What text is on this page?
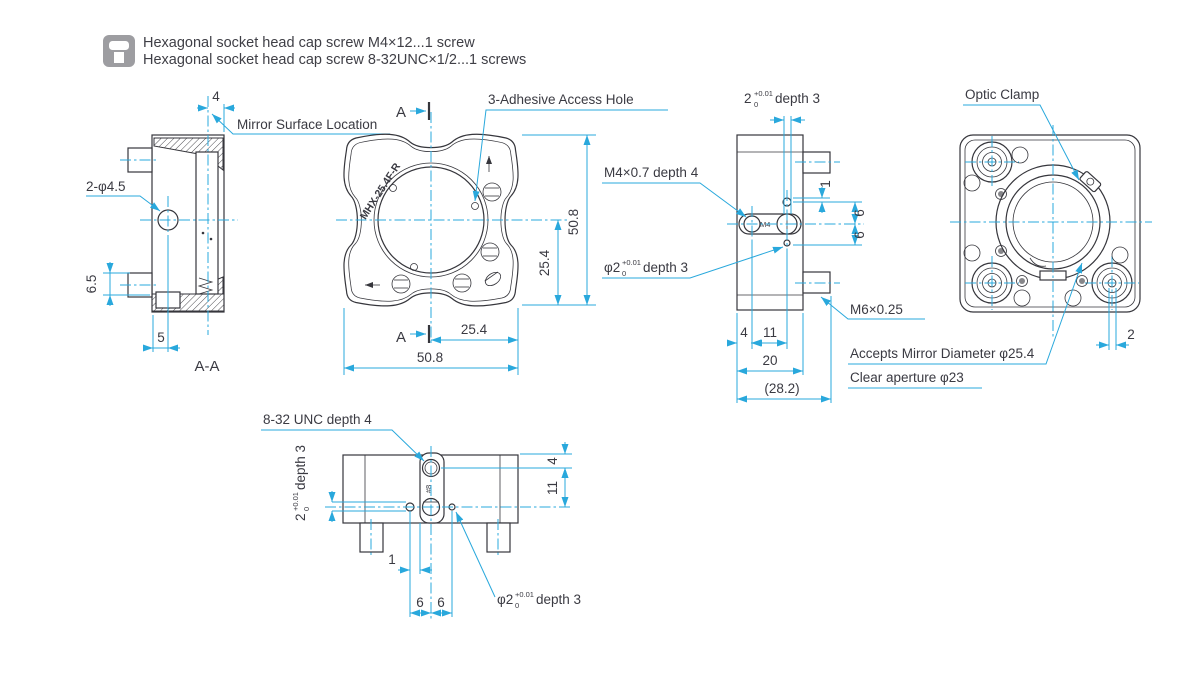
Hexagonal socket head cap screw M4×12...1 screw
Hexagonal socket head cap screw 8-32UNC×1/2...1 screws
4
Mirror Surface Location
2-φ4.5
6.5
5
A-A
MHX-25.4F-R
A
A
3-Adhesive Access Hole
50.8
25.4
25.4
50.8
M4
2 +0.01
0 depth 3
M4×0.7 depth 4
φ2 +0.01
0 depth 3
M6×0.25
1
6
6
4 11
20
(28.2)
Optic Clamp
Accepts Mirror Diameter φ25.4
Clear aperture φ23
2
#8
8-32 UNC depth 4
2
+0.01 0
depth 3	4
11
1
6 6	φ2 +0.01
0 depth 3
